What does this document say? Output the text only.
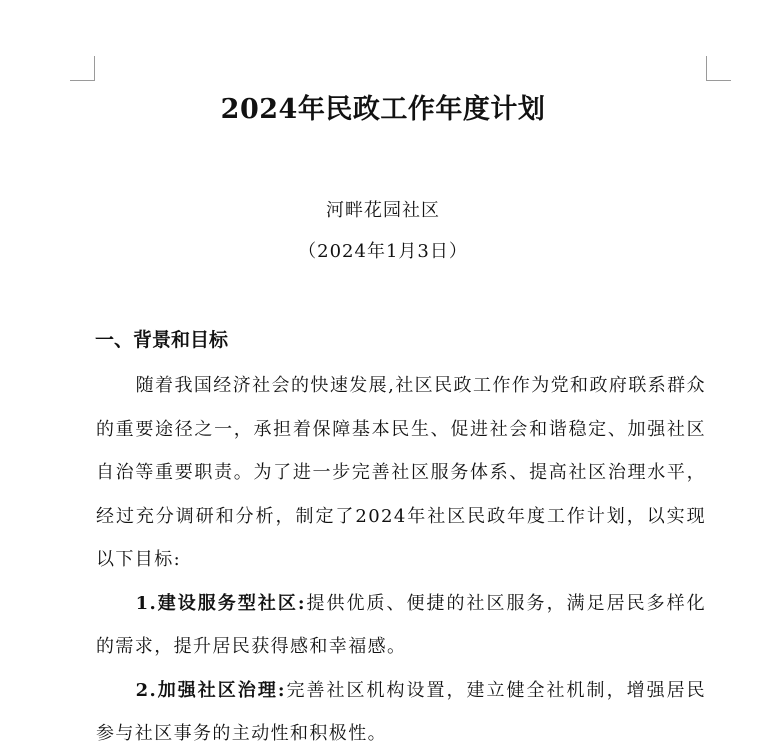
2024年民政工作年度计划
河畔花园社区
（2024年1月3日）
一、背景和目标

随着我国经济社会的快速发展,社区民政工作作为党和政府联系群众的重要途径之一，承担着保障基本民生、促进社会和谐稳定、加强社区自治等重要职责。为了进一步完善社区服务体系、提高社区治理水平，经过充分调研和分析，制定了2024年社区民政年度工作计划，以实现以下目标:

1.建设服务型社区:提供优质、便捷的社区服务，满足居民多样化的需求，提升居民获得感和幸福感。

2.加强社区治理:完善社区机构设置，建立健全社机制，增强居民参与社区事务的主动性和积极性。
